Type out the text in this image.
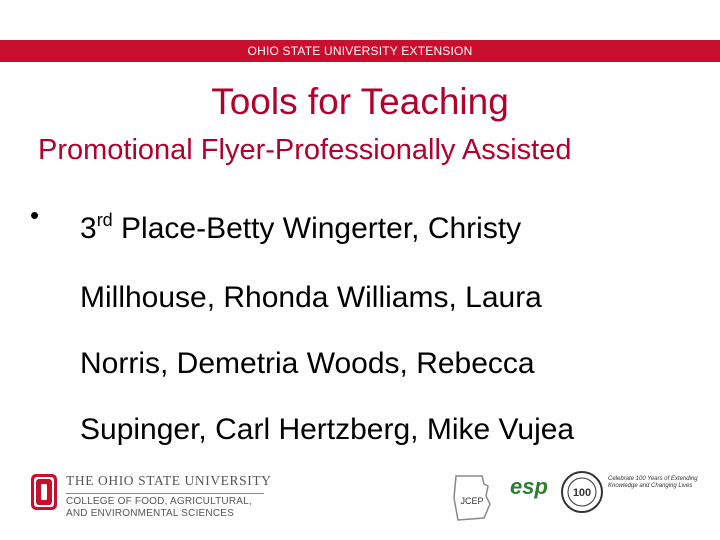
OHIO STATE UNIVERSITY EXTENSION
Tools for Teaching
Promotional Flyer-Professionally Assisted
• 3rd Place-Betty Wingerter, Christy
Millhouse, Rhonda Williams, Laura
Norris, Demetria Woods, Rebecca
Supinger, Carl Hertzberg, Mike Vujea
THE OHIO STATE UNIVERSITY
COLLEGE OF FOOD, AGRICULTURAL,
AND ENVIRONMENTAL SCIENCES
JCEP
esp 100
Celebrate 100 Years of Extending Knowledge and Changing Lives
